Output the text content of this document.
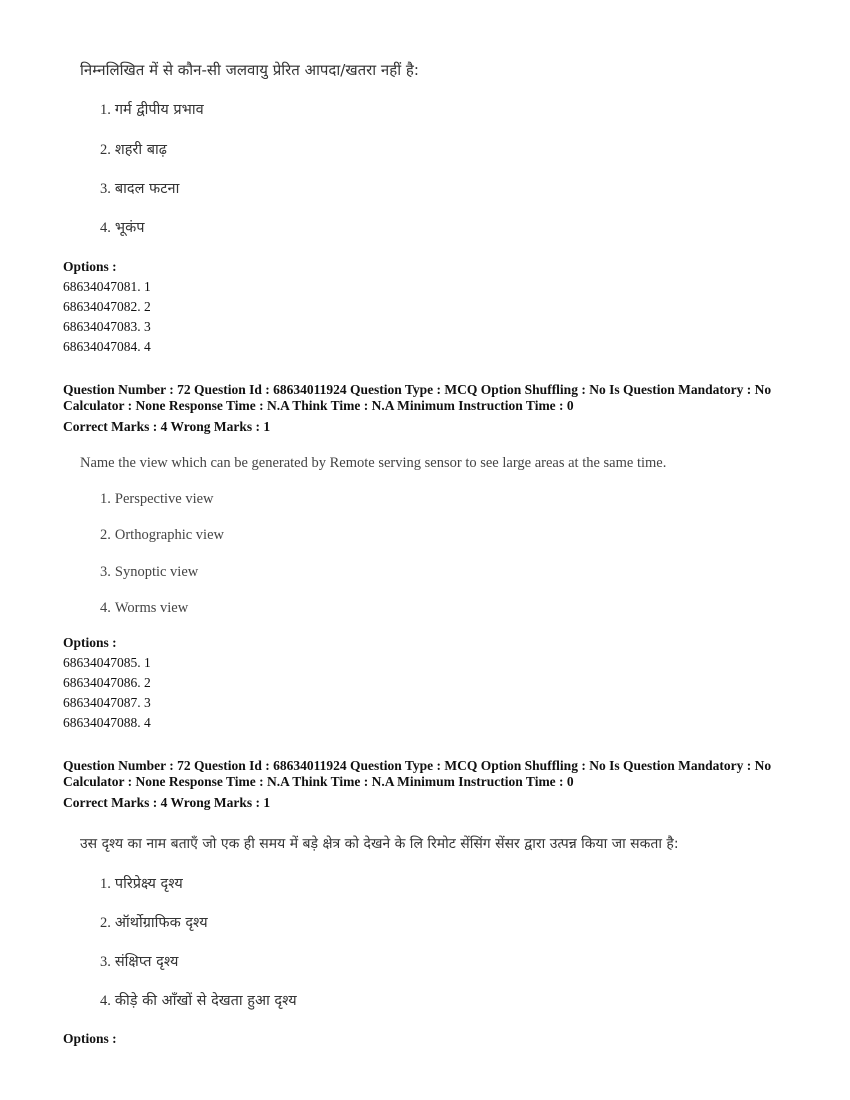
निम्नलिखित में से कौन-सी जलवायु प्रेरित आपदा/खतरा नहीं है:
1. गर्म द्वीपीय प्रभाव
2. शहरी बाढ़
3. बादल फटना
4. भूकंप
Options :
68634047081. 1
68634047082. 2
68634047083. 3
68634047084. 4
Question Number : 72 Question Id : 68634011924 Question Type : MCQ Option Shuffling : No Is Question Mandatory : No Calculator : None Response Time : N.A Think Time : N.A Minimum Instruction Time : 0
Correct Marks : 4 Wrong Marks : 1
Name the view which can be generated by Remote serving sensor to see large areas at the same time.
1. Perspective view
2. Orthographic view
3. Synoptic view
4. Worms view
Options :
68634047085. 1
68634047086. 2
68634047087. 3
68634047088. 4
Question Number : 72 Question Id : 68634011924 Question Type : MCQ Option Shuffling : No Is Question Mandatory : No Calculator : None Response Time : N.A Think Time : N.A Minimum Instruction Time : 0
Correct Marks : 4 Wrong Marks : 1
उस दृश्य का नाम बताएँ जो एक ही समय में बड़े क्षेत्र को देखने के लि रिमोट सेंसिंग सेंसर द्वारा उत्पन्न किया जा सकता है:
1. परिप्रेक्ष्य दृश्य
2. ऑर्थोग्राफिक दृश्य
3. संक्षिप्त दृश्य
4. कीड़े की आँखों से देखता हुआ दृश्य
Options :
